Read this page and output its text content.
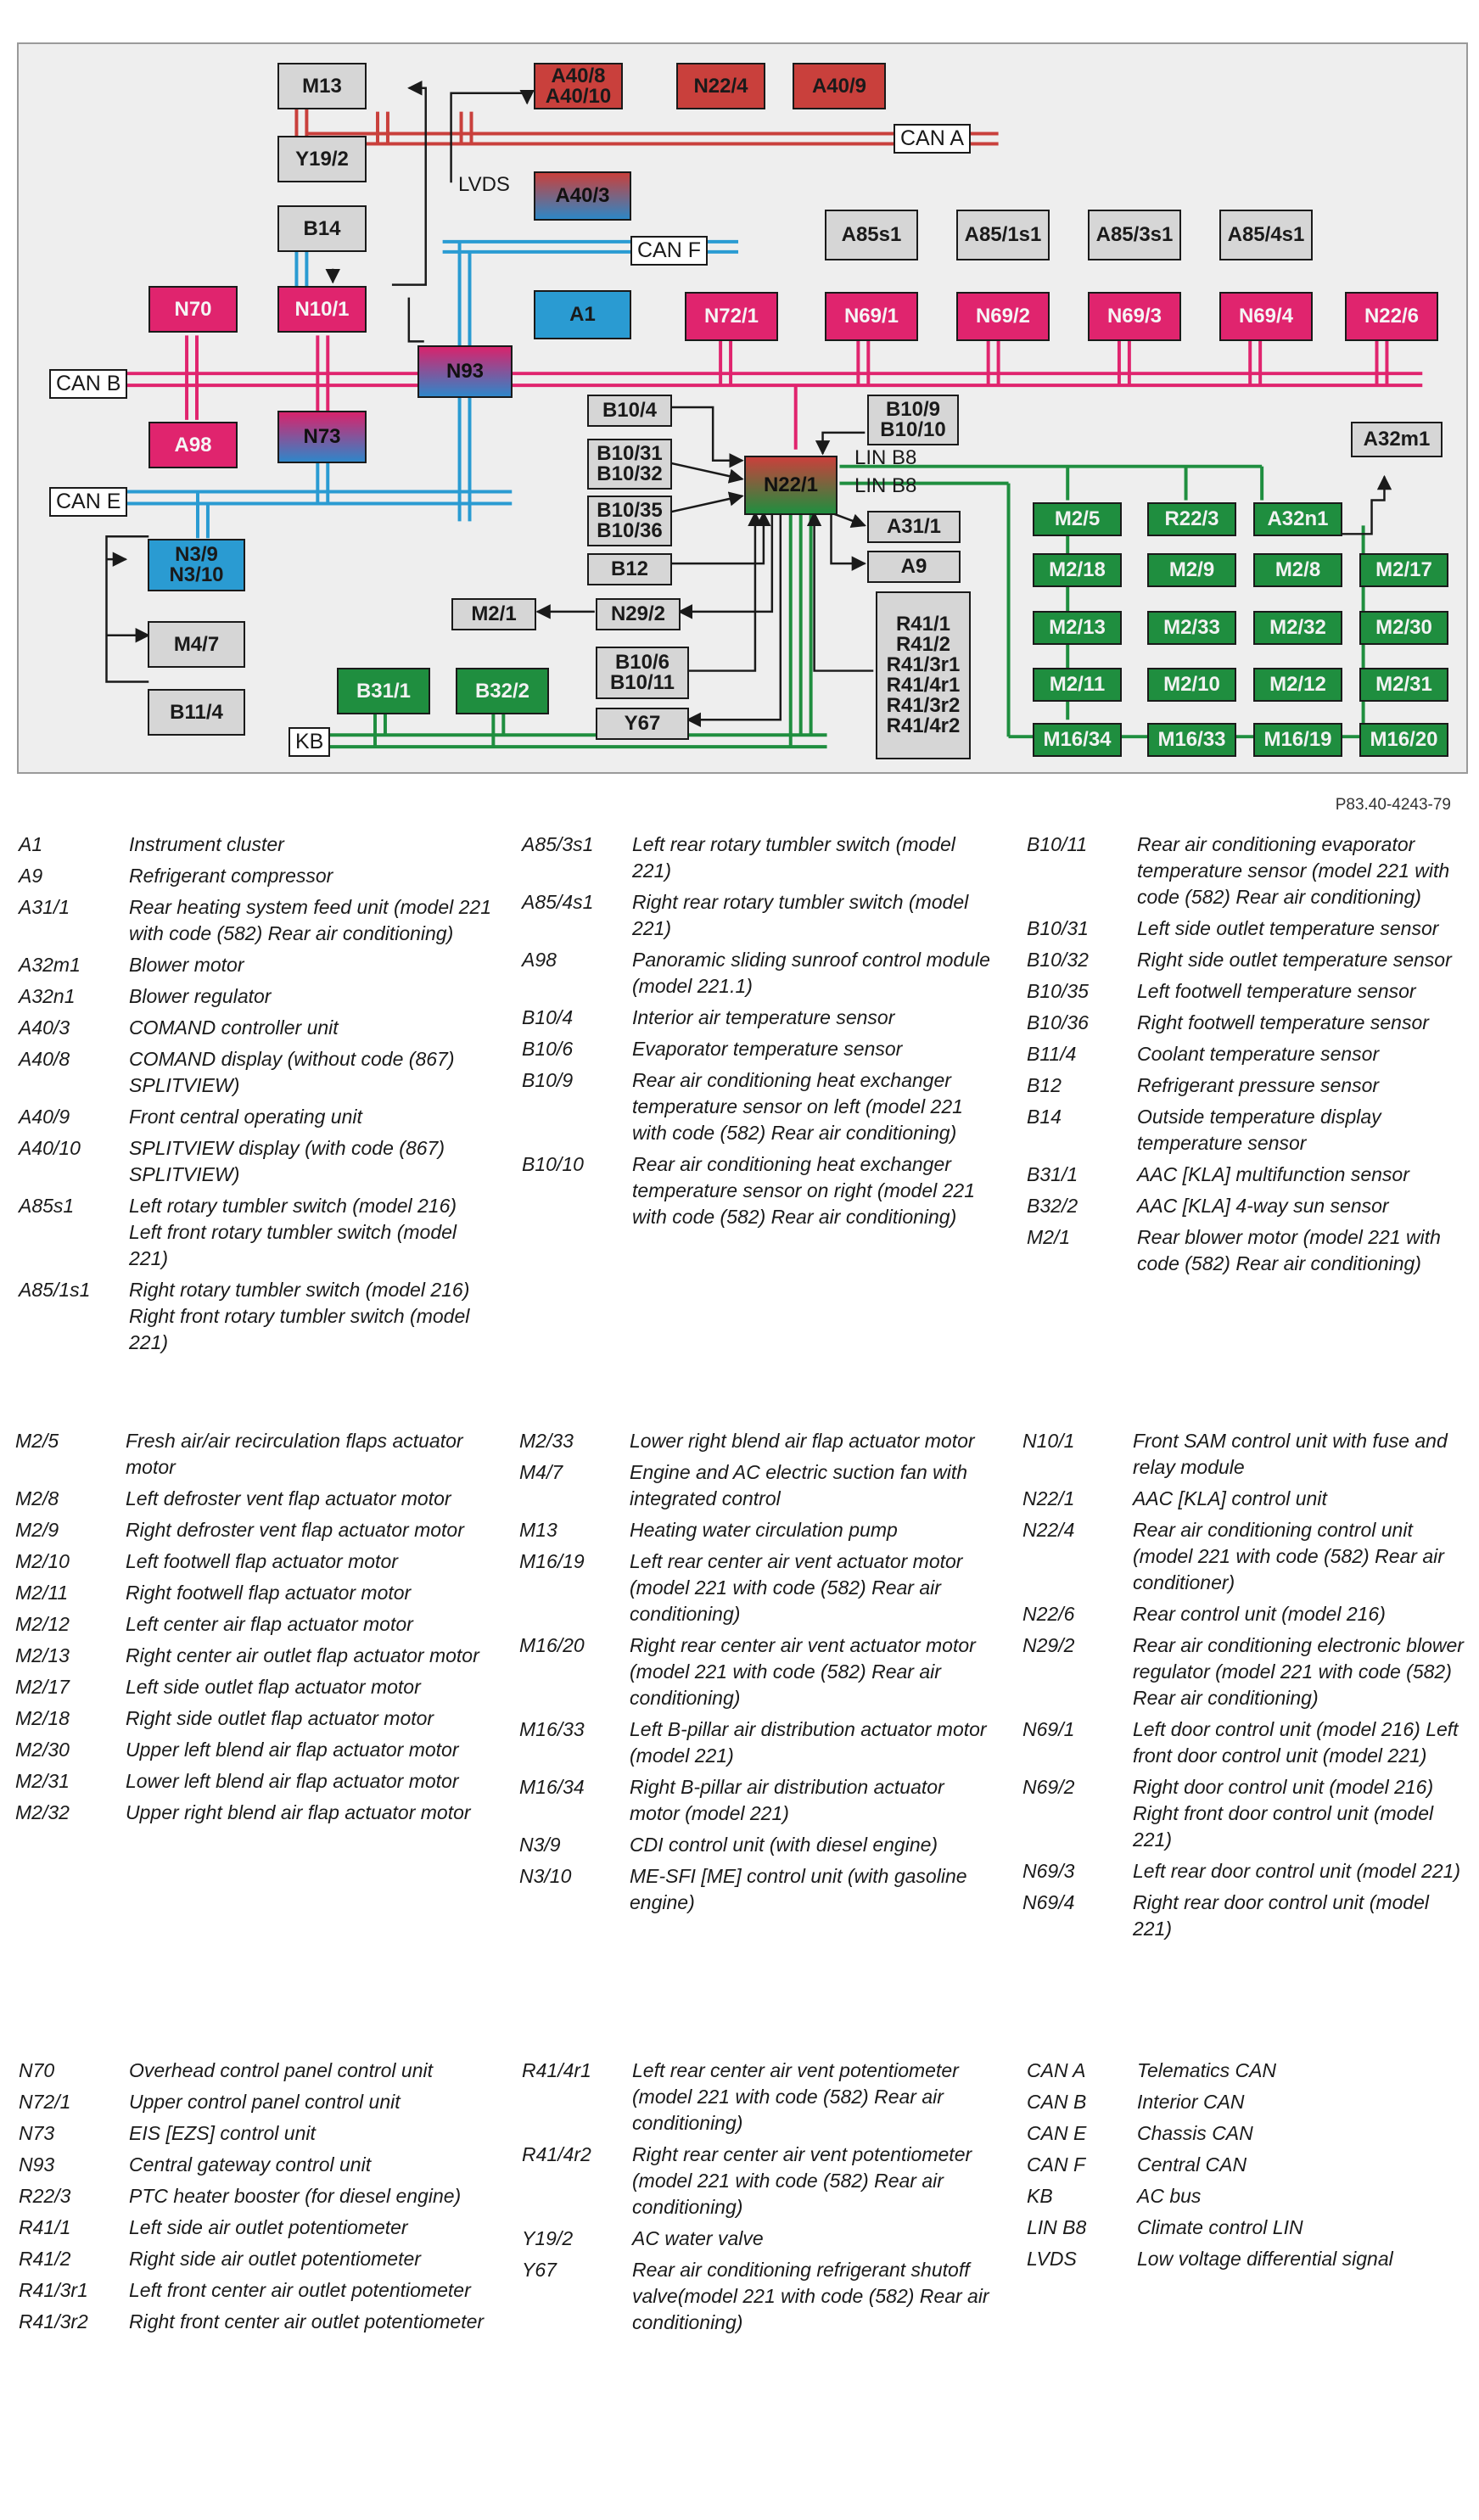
CAN A
CAN B
CAN E
CAN F
KB
LVDS
LIN B8
LIN B8
M13
Y19/2
B14
N70	N10/1
A98	N73
N93
A40/8
A40/10	N22/4	A40/9
A40/3
A1
A85s1	A85/1s1	A85/3s1	A85/4s1
N72/1	N69/1	N69/2	N69/3	N69/4	N22/6
B10/4
B10/31
B10/32
B10/35
B10/36
B12
B10/9
B10/10
N22/1
A32m1
A31/1
A9
M2/1	N29/2
B10/6
B10/11
Y67
R41/1
R41/2
R41/3r1
R41/4r1
R41/3r2
R41/4r2
N3/9
N3/10
M4/7
B11/4
B31/1	B32/2
M2/5	R22/3	A32n1
M2/18	M2/9	M2/8	M2/17
M2/13	M2/33	M2/32	M2/30
M2/11	M2/10	M2/12	M2/31
M16/34	M16/33	M16/19	M16/20
P83.40-4243-79
A1	Instrument cluster
A9	Refrigerant compressor
A31/1	Rear heating system feed unit (model 221 with code (582) Rear air conditioning)
A32m1	Blower motor
A32n1	Blower regulator
A40/3	COMAND controller unit
A40/8	COMAND display (without code (867) SPLITVIEW)
A40/9	Front central operating unit
A40/10	SPLITVIEW display (with code (867) SPLITVIEW)
A85s1	Left rotary tumbler switch (model 216) Left front rotary tumbler switch (model 221)
A85/1s1	Right rotary tumbler switch (model 216) Right front rotary tumbler switch (model 221)
A85/3s1	Left rear rotary tumbler switch (model 221)
A85/4s1	Right rear rotary tumbler switch (model 221)
A98	Panoramic sliding sunroof control module (model 221.1)
B10/4	Interior air temperature sensor
B10/6	Evaporator temperature sensor
B10/9	Rear air conditioning heat exchanger temperature sensor on left (model 221 with code (582) Rear air conditioning)
B10/10	Rear air conditioning heat exchanger temperature sensor on right (model 221 with code (582) Rear air conditioning)
B10/11	Rear air conditioning evaporator temperature sensor (model 221 with code (582) Rear air conditioning)
B10/31	Left side outlet temperature sensor
B10/32	Right side outlet temperature sensor
B10/35	Left footwell temperature sensor
B10/36	Right footwell temperature sensor
B11/4	Coolant temperature sensor
B12	Refrigerant pressure sensor
B14	Outside temperature display temperature sensor
B31/1	AAC [KLA] multifunction sensor
B32/2	AAC [KLA] 4-way sun sensor
M2/1	Rear blower motor (model 221 with code (582) Rear air conditioning)
M2/5	Fresh air/air recirculation flaps actuator motor
M2/8	Left defroster vent flap actuator motor
M2/9	Right defroster vent flap actuator motor
M2/10	Left footwell flap actuator motor
M2/11	Right footwell flap actuator motor
M2/12	Left center air flap actuator motor
M2/13	Right center air outlet flap actuator motor
M2/17	Left side outlet flap actuator motor
M2/18	Right side outlet flap actuator motor
M2/30	Upper left blend air flap actuator motor
M2/31	Lower left blend air flap actuator motor
M2/32	Upper right blend air flap actuator motor
M2/33	Lower right blend air flap actuator motor
M4/7	Engine and AC electric suction fan with integrated control
M13	Heating water circulation pump
M16/19	Left rear center air vent actuator motor (model 221 with code (582) Rear air conditioning)
M16/20	Right rear center air vent actuator motor (model 221 with code (582) Rear air conditioning)
M16/33	Left B-pillar air distribution actuator motor (model 221)
M16/34	Right B-pillar air distribution actuator motor (model 221)
N3/9	CDI control unit (with diesel engine)
N3/10	ME-SFI [ME] control unit (with gasoline engine)
N10/1	Front SAM control unit with fuse and relay module
N22/1	AAC [KLA] control unit
N22/4	Rear air conditioning control unit (model 221 with code (582) Rear air conditioner)
N22/6	Rear control unit (model 216)
N29/2	Rear air conditioning electronic blower regulator (model 221 with code (582) Rear air conditioning)
N69/1	Left door control unit (model 216) Left front door control unit (model 221)
N69/2	Right door control unit (model 216) Right front door control unit (model 221)
N69/3	Left rear door control unit (model 221)
N69/4	Right rear door control unit (model 221)
N70	Overhead control panel control unit
N72/1	Upper control panel control unit
N73	EIS [EZS] control unit
N93	Central gateway control unit
R22/3	PTC heater booster (for diesel engine)
R41/1	Left side air outlet potentiometer
R41/2	Right side air outlet potentiometer
R41/3r1	Left front center air outlet potentiometer
R41/3r2	Right front center air outlet potentiometer
R41/4r1	Left rear center air vent potentiometer (model 221 with code (582) Rear air conditioning)
R41/4r2	Right rear center air vent potentiometer (model 221 with code (582) Rear air conditioning)
Y19/2	AC water valve
Y67	Rear air conditioning refrigerant shutoff valve(model 221 with code (582) Rear air conditioning)
CAN A	Telematics CAN
CAN B	Interior CAN
CAN E	Chassis CAN
CAN F	Central CAN
KB	AC bus
LIN B8	Climate control LIN
LVDS	Low voltage differential signal
